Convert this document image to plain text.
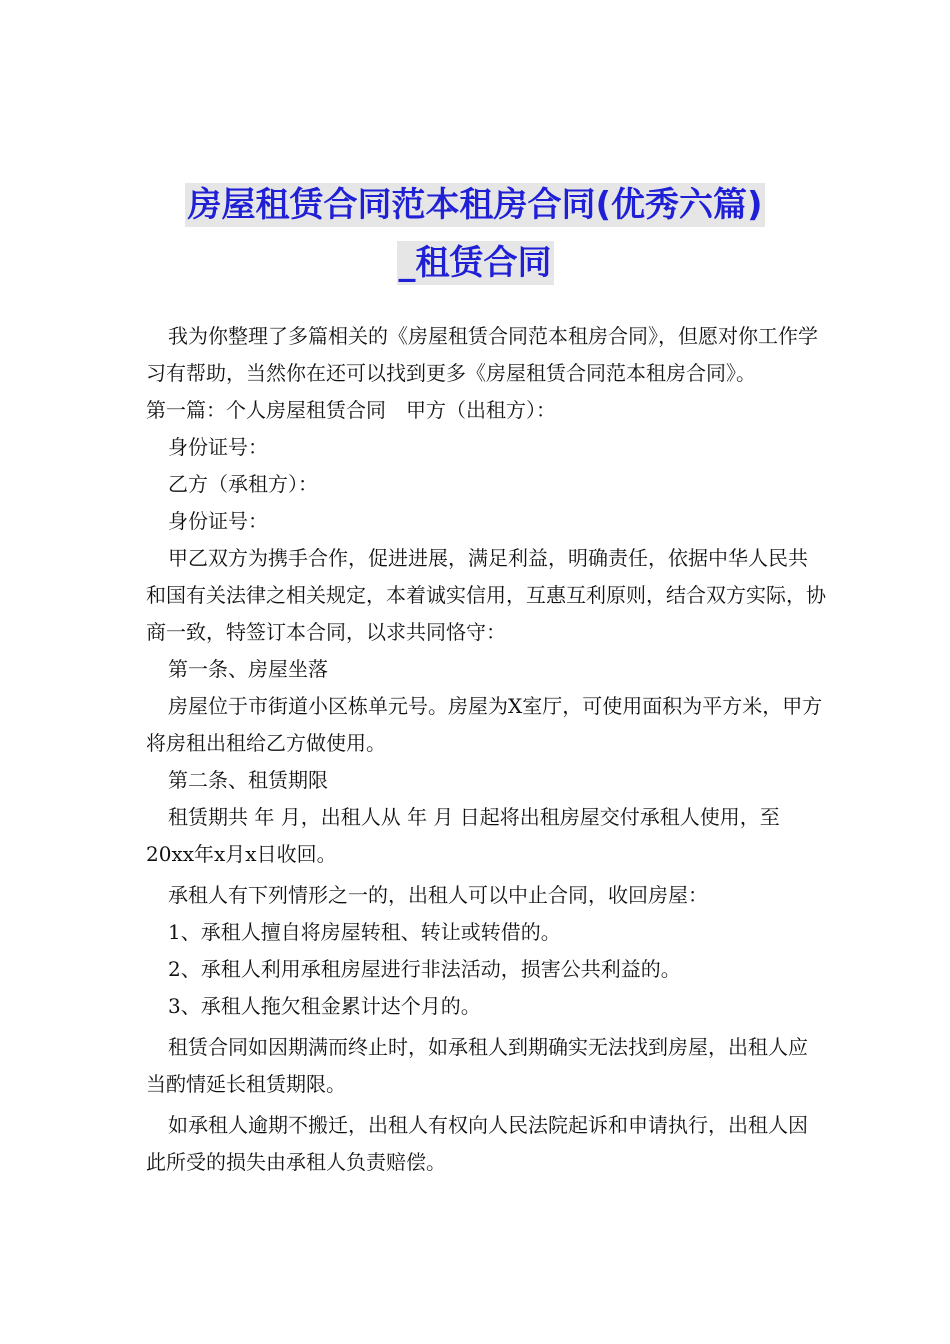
房屋租赁合同范本租房合同(优秀六篇)
_租赁合同

我为你整理了多篇相关的《房屋租赁合同范本租房合同》，但愿对你工作学习有帮助，当然你在还可以找到更多《房屋租赁合同范本租房合同》。

第一篇：个人房屋租赁合同　甲方（出租方）：

身份证号：

乙方（承租方）：

身份证号：

甲乙双方为携手合作，促进进展，满足利益，明确责任，依据中华人民共和国有关法律之相关规定，本着诚实信用，互惠互利原则，结合双方实际，协商一致，特签订本合同，以求共同恪守：

第一条、房屋坐落

房屋位于市街道小区栋单元号。房屋为X室厅，可使用面积为平方米，甲方将房租出租给乙方做使用。

第二条、租赁期限

租赁期共 年 月，出租人从 年 月 日起将出租房屋交付承租人使用，至20xx年x月x日收回。

承租人有下列情形之一的，出租人可以中止合同，收回房屋：

1、承租人擅自将房屋转租、转让或转借的。

2、承租人利用承租房屋进行非法活动，损害公共利益的。

3、承租人拖欠租金累计达个月的。

租赁合同如因期满而终止时，如承租人到期确实无法找到房屋，出租人应当酌情延长租赁期限。

如承租人逾期不搬迁，出租人有权向人民法院起诉和申请执行，出租人因此所受的损失由承租人负责赔偿。
